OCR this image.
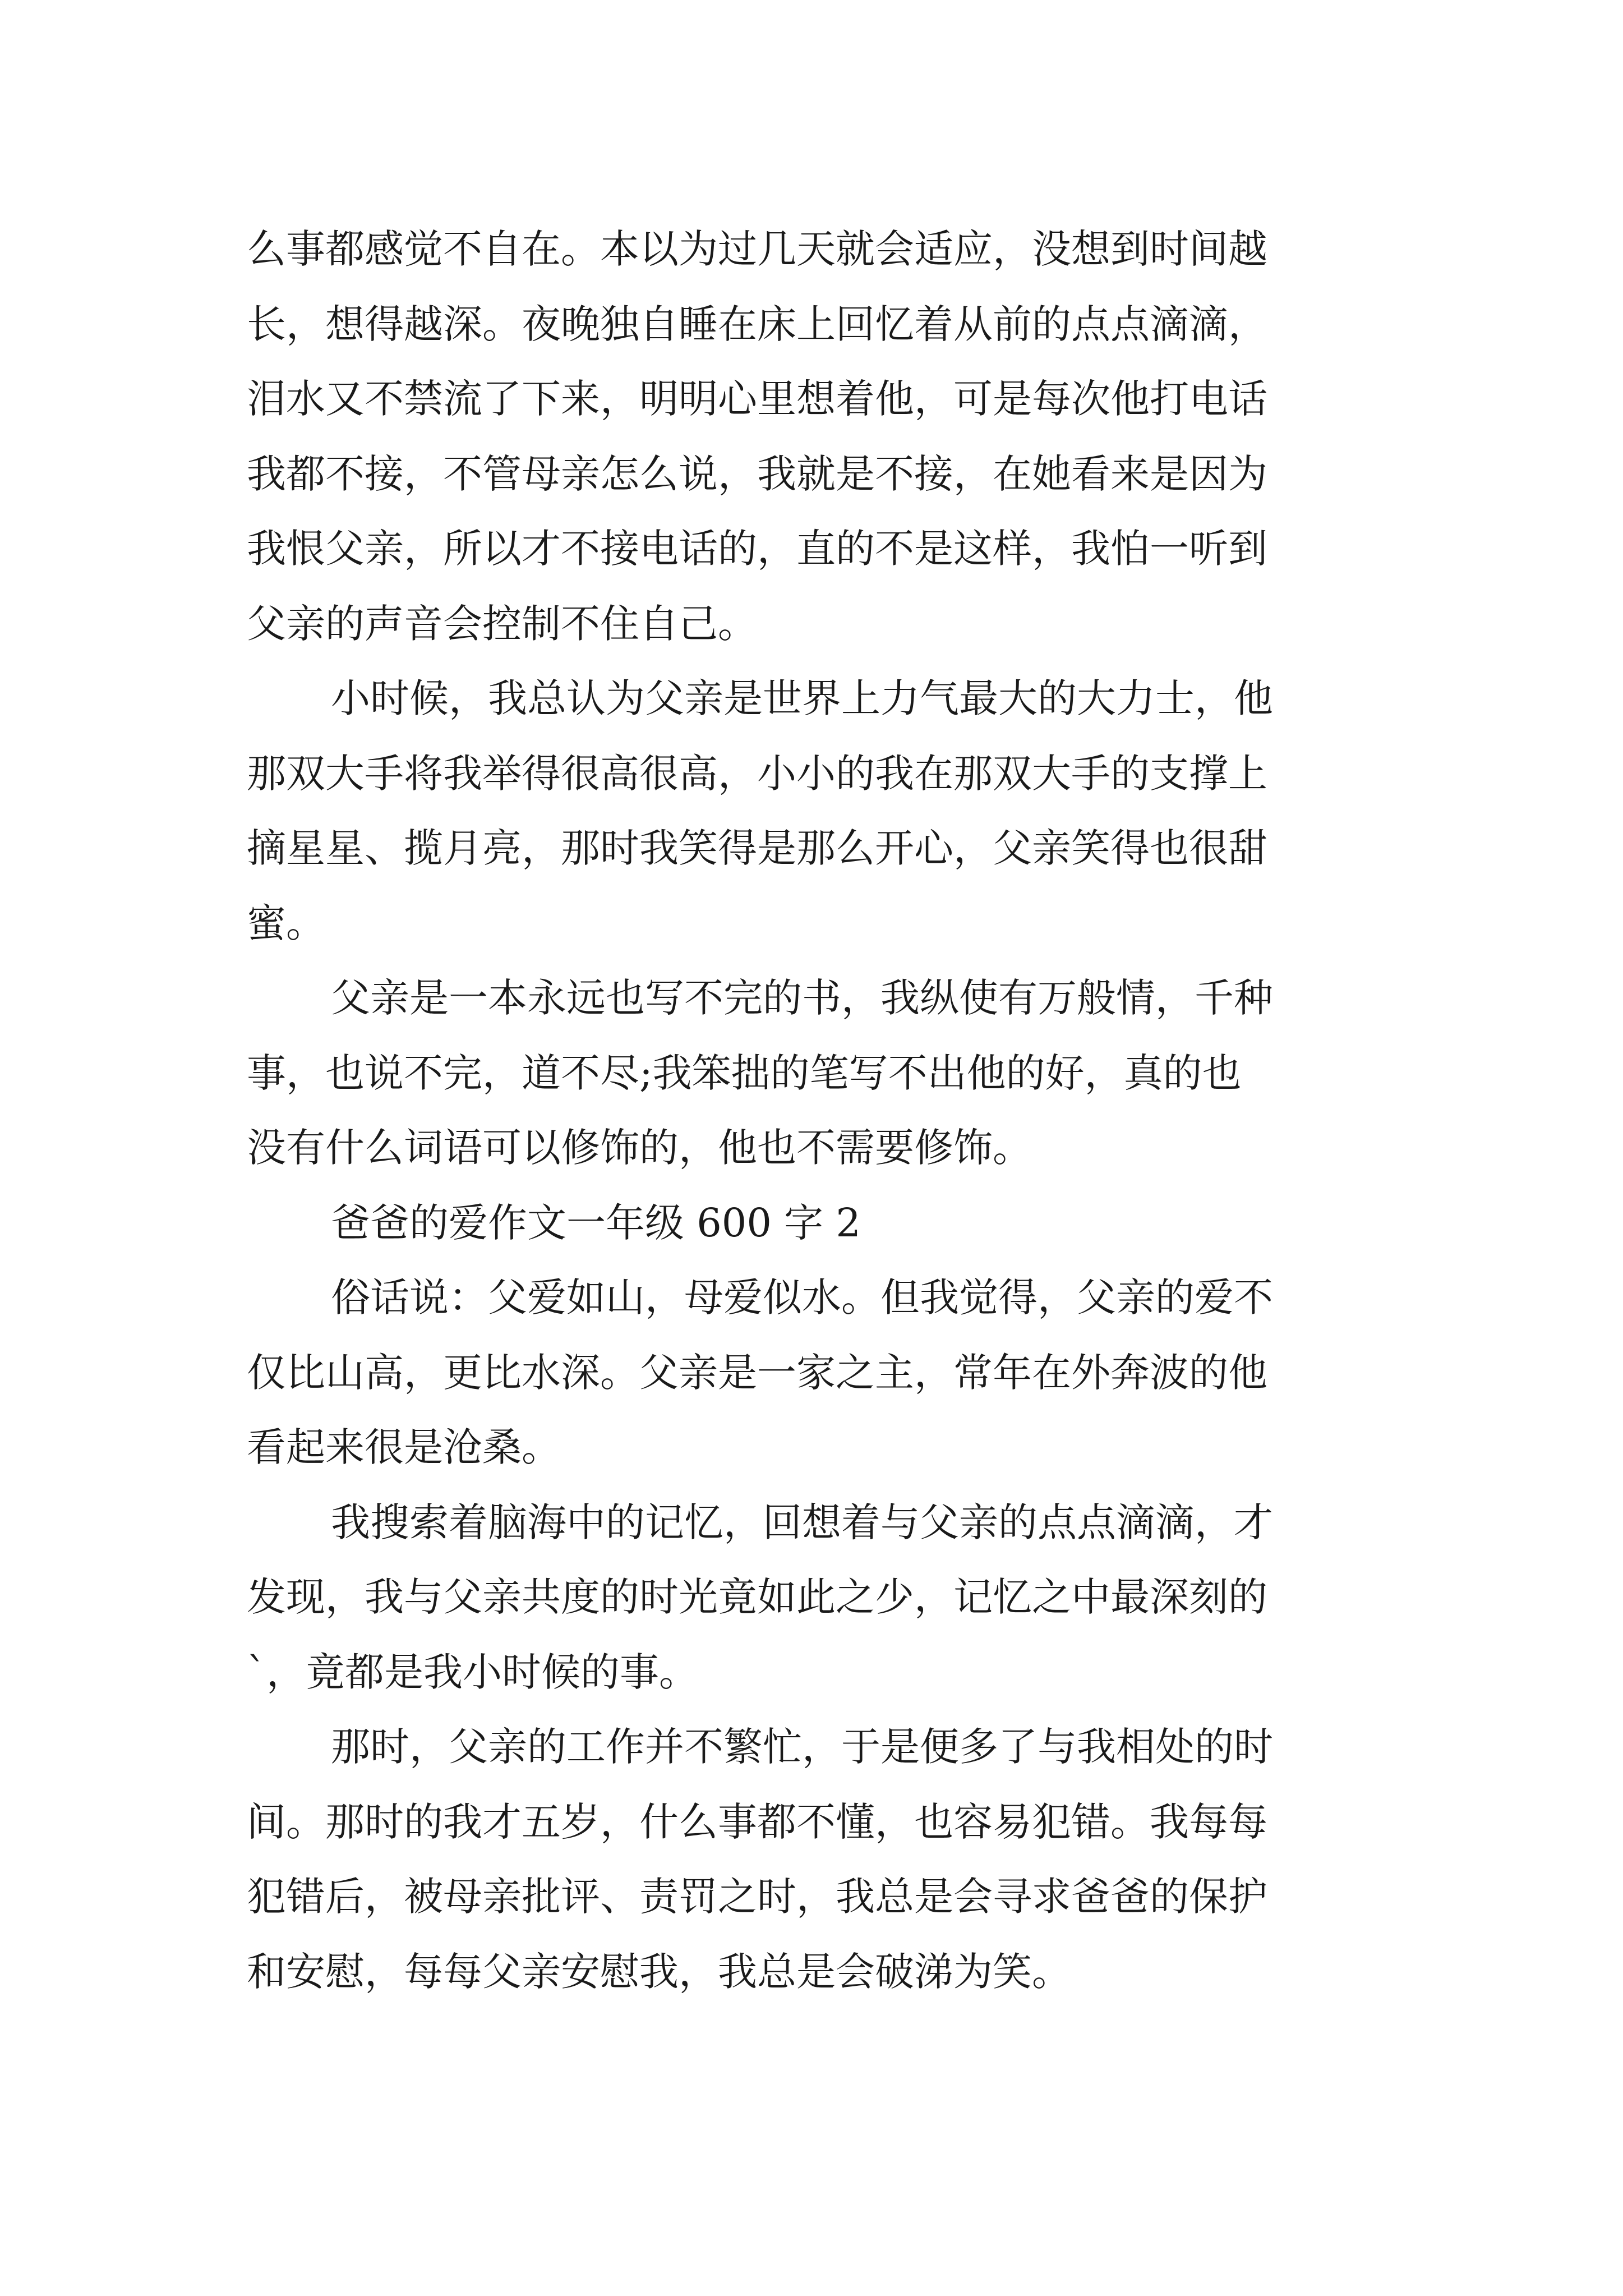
么事都感觉不自在。本以为过几天就会适应，没想到时间越
长，想得越深。夜晚独自睡在床上回忆着从前的点点滴滴，
泪水又不禁流了下来，明明心里想着他，可是每次他打电话
我都不接，不管母亲怎么说，我就是不接，在她看来是因为
我恨父亲，所以才不接电话的，直的不是这样，我怕一听到
父亲的声音会控制不住自己。
小时候，我总认为父亲是世界上力气最大的大力士，他
那双大手将我举得很高很高，小小的我在那双大手的支撑上
摘星星、揽月亮，那时我笑得是那么开心，父亲笑得也很甜
蜜。
父亲是一本永远也写不完的书，我纵使有万般情，千种
事，也说不完，道不尽;我笨拙的笔写不出他的好，真的也
没有什么词语可以修饰的，他也不需要修饰。
爸爸的爱作文一年级 600 字 2
俗话说：父爱如山，母爱似水。但我觉得，父亲的爱不
仅比山高，更比水深。父亲是一家之主，常年在外奔波的他
看起来很是沧桑。
我搜索着脑海中的记忆，回想着与父亲的点点滴滴，才
发现，我与父亲共度的时光竟如此之少，记忆之中最深刻的
`，竟都是我小时候的事。
那时，父亲的工作并不繁忙，于是便多了与我相处的时
间。那时的我才五岁，什么事都不懂，也容易犯错。我每每
犯错后，被母亲批评、责罚之时，我总是会寻求爸爸的保护
和安慰，每每父亲安慰我，我总是会破涕为笑。
